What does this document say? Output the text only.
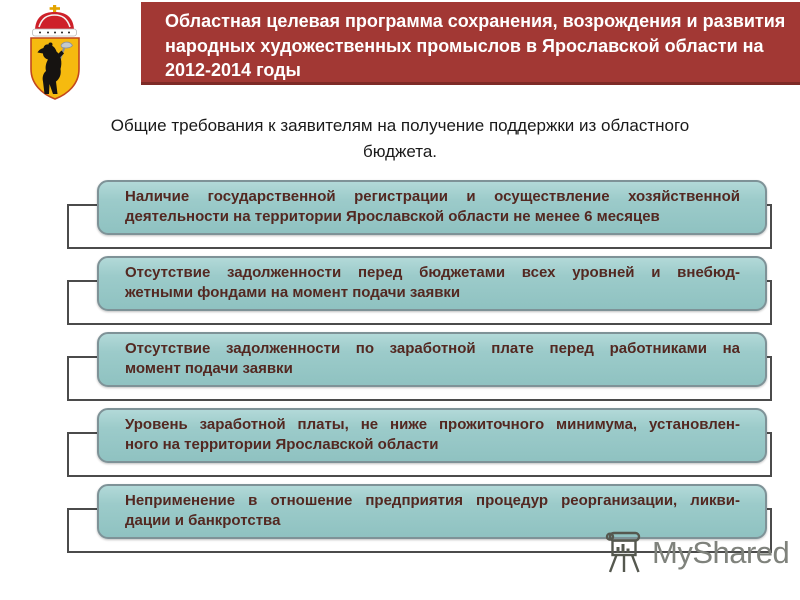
Областная целевая программа сохранения, возрождения и развития
народных художественных промыслов в Ярославской области на
2012-2014 годы
Общие требования к заявителям на получение поддержки из областного
бюджета.
Наличие государственной регистрации и осуществление хозяйственной
деятельности на территории Ярославской области не менее 6 месяцев
Отсутствие задолженности перед бюджетами всех уровней и внебюд-
жетными фондами на момент подачи заявки
Отсутствие задолженности по заработной плате перед работниками на
момент подачи заявки
Уровень заработной платы, не ниже прожиточного минимума, установлен-
ного на территории Ярославской области
Неприменение в отношение предприятия процедур реорганизации, ликви-
дации и банкротства
MyShared
